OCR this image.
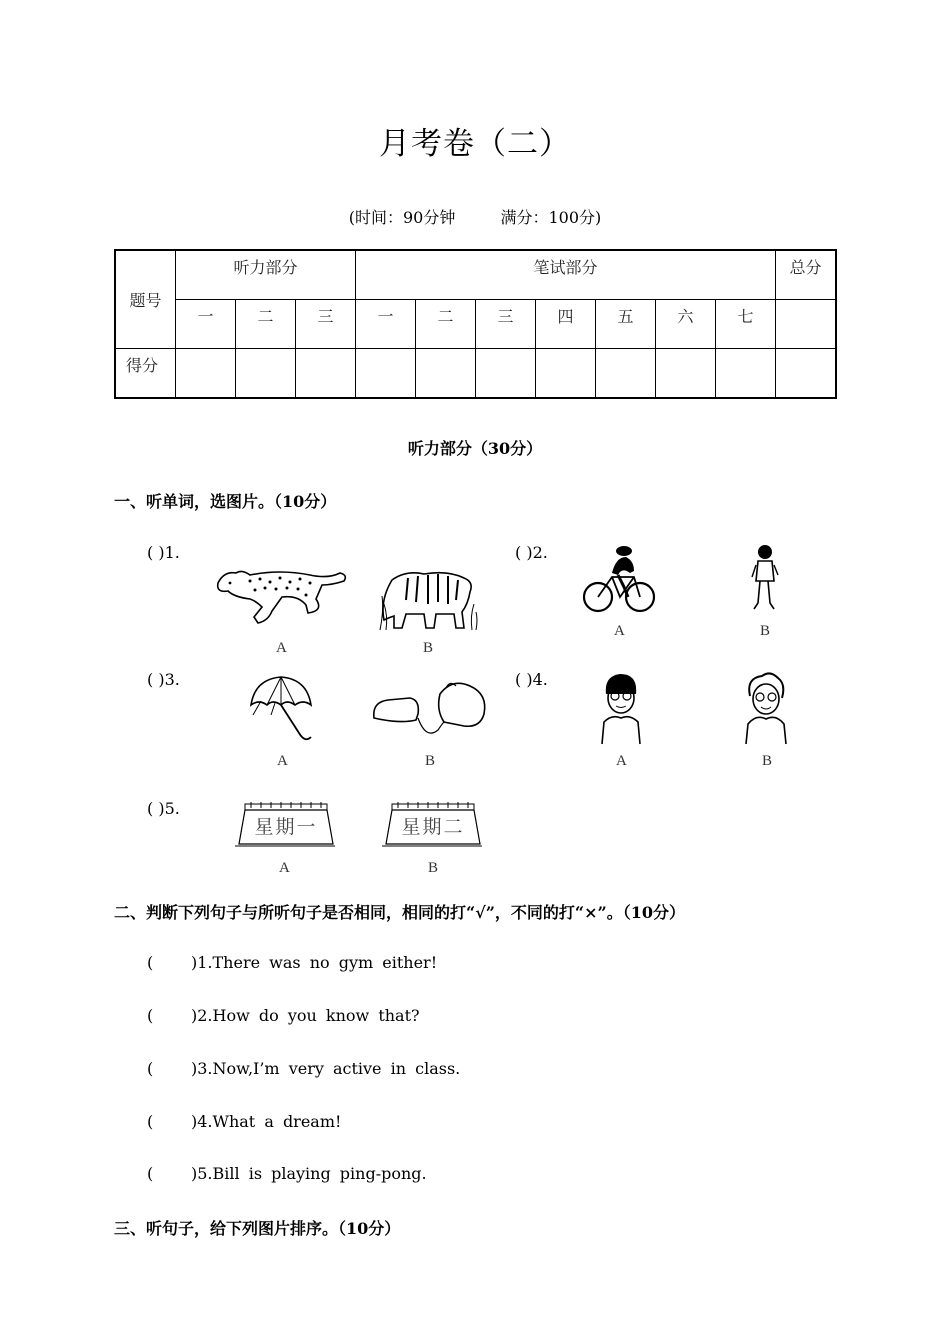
月考卷（二）
(时间：90分钟	满分：100分)
题号	听力部分			笔试部分							总分
	一	二	三	一	二	三	四	五	六	七	
得分											
听力部分（30分）
一、听单词，选图片。（10分）
( )1.
A	B
( )2.
A	B
( )3.
A	B
( )4.
A	B
( )5.
星期一	星期二
A	B
二、判断下列句子与所听句子是否相同，相同的打“√”，不同的打“×”。（10分）
( )1.There was no gym either!
( )2.How do you know that?
( )3.Now,I’m very active in class.
( )4.What a dream!
( )5.Bill is playing ping-pong.
三、听句子，给下列图片排序。（10分）
